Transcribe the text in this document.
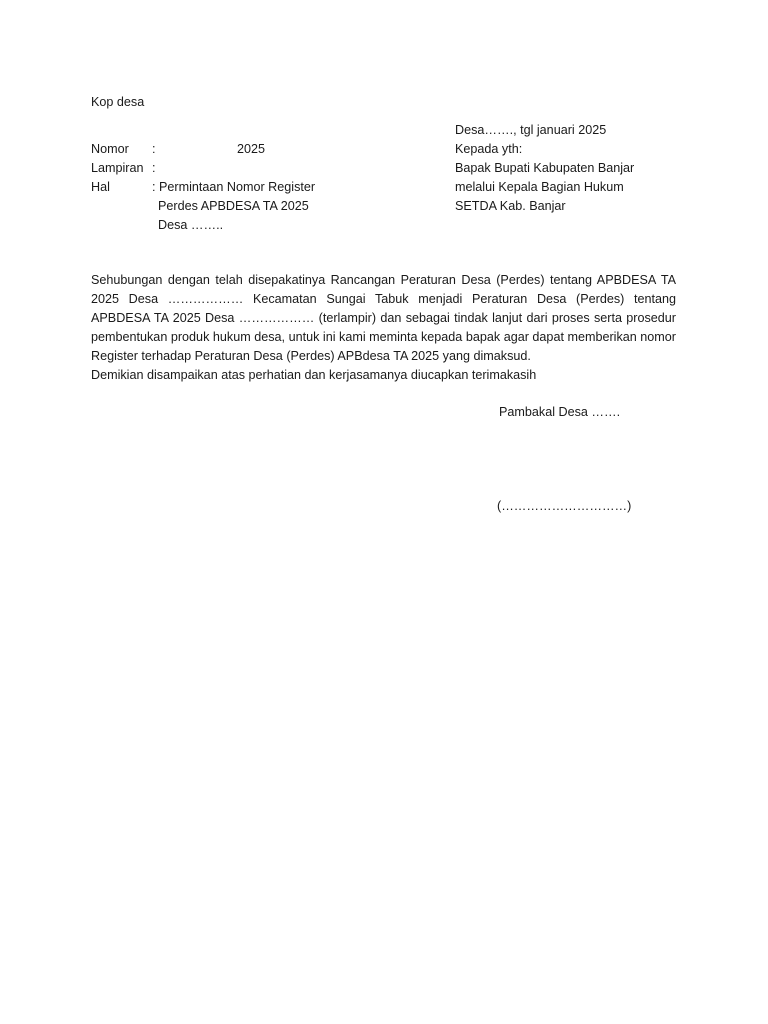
Kop desa
Nomor :	2025
Lampiran :
Hal	: Permintaan Nomor Register
Perdes APBDESA TA 2025
Desa ……..
Desa……., tgl januari 2025
Kepada yth:
Bapak Bupati Kabupaten Banjar
melalui Kepala Bagian Hukum
SETDA Kab. Banjar

Sehubungan dengan telah disepakatinya Rancangan Peraturan Desa (Perdes) tentang APBDESA TA 2025 Desa ……………… Kecamatan Sungai Tabuk menjadi Peraturan Desa (Perdes) tentang APBDESA TA 2025 Desa ……………… (terlampir) dan sebagai tindak lanjut dari proses serta prosedur pembentukan produk hukum desa, untuk ini kami meminta kepada bapak agar dapat memberikan nomor Register terhadap Peraturan Desa (Perdes) APBdesa TA 2025 yang dimaksud.

Demikian disampaikan atas perhatian dan kerjasamanya diucapkan terimakasih
Pambakal Desa …….
(…………………………)
